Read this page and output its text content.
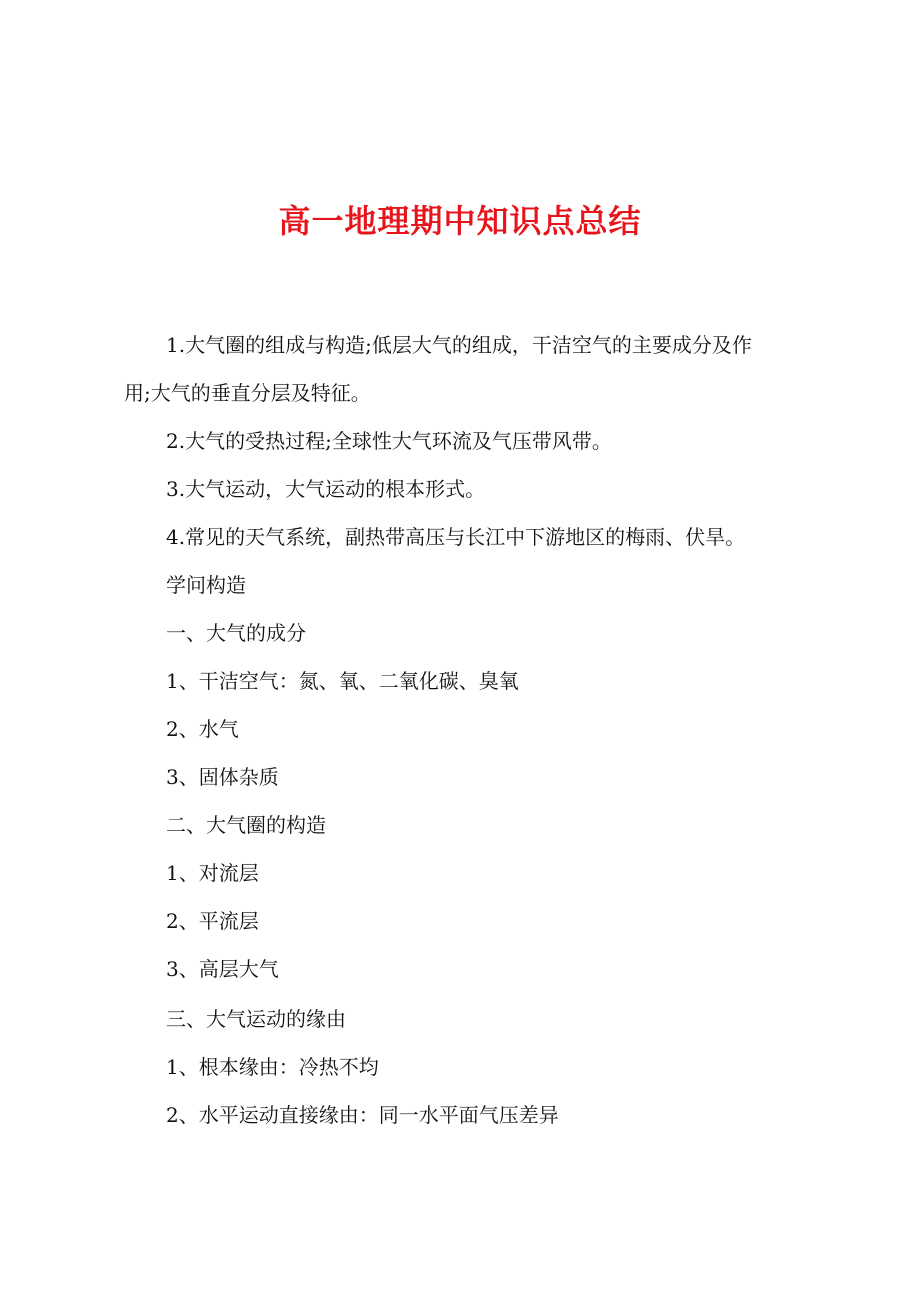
高一地理期中知识点总结
1.大气圈的组成与构造;低层大气的组成，干洁空气的主要成分及作
用;大气的垂直分层及特征。
2.大气的受热过程;全球性大气环流及气压带风带。
3.大气运动，大气运动的根本形式。
4.常见的天气系统，副热带高压与长江中下游地区的梅雨、伏旱。
学问构造
一、大气的成分
1、干洁空气：氮、氧、二氧化碳、臭氧
2、水气
3、固体杂质
二、大气圈的构造
1、对流层
2、平流层
3、高层大气
三、大气运动的缘由
1、根本缘由：冷热不均
2、水平运动直接缘由：同一水平面气压差异
